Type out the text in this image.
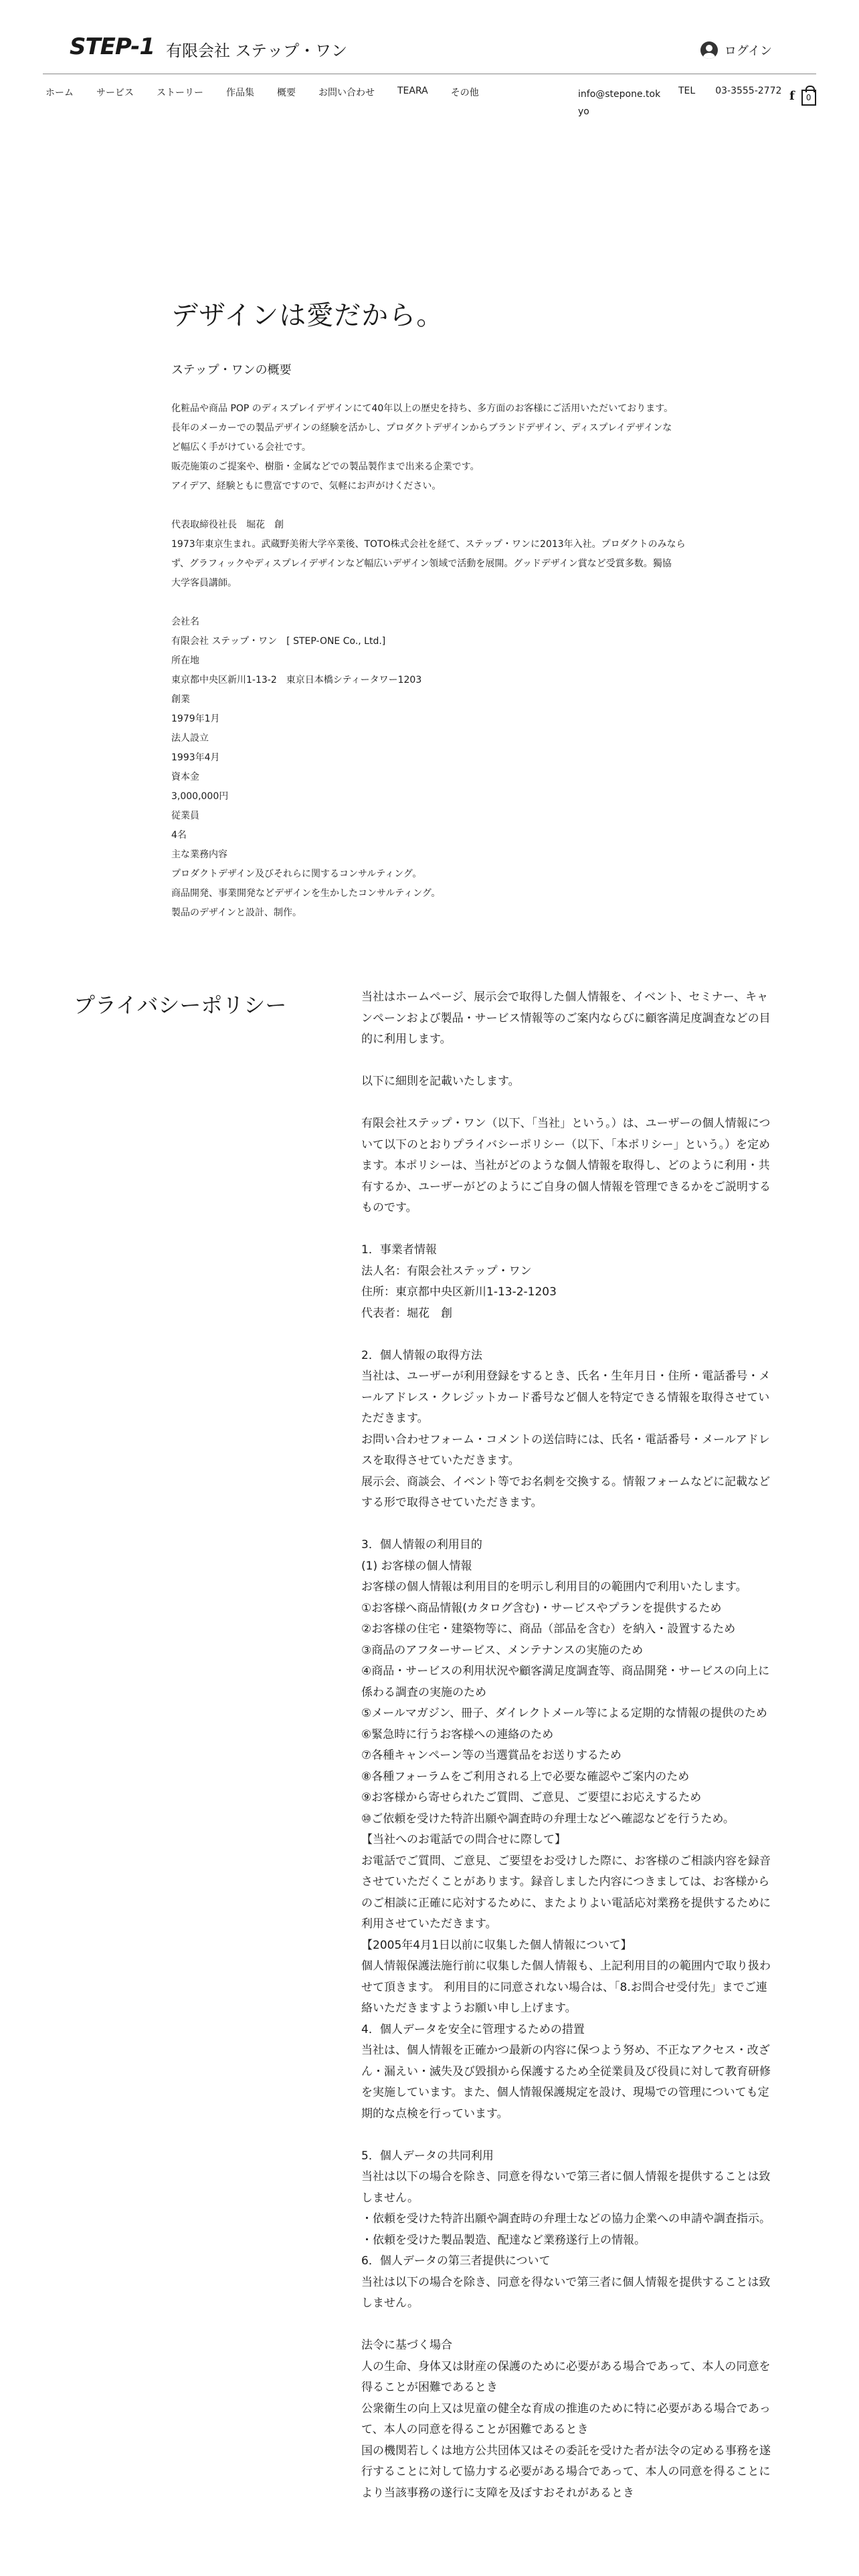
STEP-1 有限会社 ステップ・ワン	ログイン
ホーム サービス ストーリー 作品集 概要 お問い合わせ TEARA その他	info@stepone.tokyo
TEL 03-3555-2772 f 0
デザインは愛だから。
ステップ・ワンの概要

化粧品や商品 POP のディスプレイデザインにて40年以上の歴史を持ち、多方面のお客様にご活用いただいております。

長年のメーカーでの製品デザインの経験を活かし、プロダクトデザインからブランドデザイン、ディスプレイデザインな

ど幅広く手がけている会社です。

販売施策のご提案や、樹脂・金属などでの製品製作まで出来る企業です。

アイデア、経験ともに豊富ですので、気軽にお声がけください。

代表取締役社長　堀花　創

1973年東京生まれ。武蔵野美術大学卒業後、TOTO株式会社を経て、ステップ・ワンに2013年入社。プロダクトのみなら

ず、グラフィックやディスプレイデザインなど幅広いデザイン領域で活動を展開。グッドデザイン賞など受賞多数。獨協

大学客員講師。

会社名

有限会社 ステップ・ワン　[ STEP-ONE Co., Ltd.]

所在地

東京都中央区新川1-13-2　東京日本橋シティータワー1203

創業

1979年1月

法人設立

1993年4月

資本金

3,000,000円

従業員

4名

主な業務内容

プロダクトデザイン及びそれらに関するコンサルティング。

商品開発、事業開発などデザインを生かしたコンサルティング。

製品のデザインと設計、制作。

プライバシーポリシー	当社はホームページ、展示会で取得した個人情報を、イベント、セミナー、キャンペーンおよび製品・サービス情報等のご案内ならびに顧客満足度調査などの目的に利用します。

以下に細則を記載いたします。

有限会社ステップ・ワン（以下、「当社」という。）は、ユーザーの個人情報について以下のとおりプライバシーポリシー（以下、「本ポリシー」という。）を定めます。本ポリシーは、当社がどのような個人情報を取得し、どのように利用・共有するか、ユーザーがどのようにご自身の個人情報を管理できるかをご説明するものです。

1．事業者情報

法人名：有限会社ステップ・ワン

住所：東京都中央区新川1-13-2-1203

代表者：堀花　創

2．個人情報の取得方法

当社は、ユーザーが利用登録をするとき、氏名・生年月日・住所・電話番号・メールアドレス・クレジットカード番号など個人を特定できる情報を取得させていただきます。

お問い合わせフォーム・コメントの送信時には、氏名・電話番号・メールアドレスを取得させていただきます。

展示会、商談会、イベント等でお名刺を交換する。情報フォームなどに記載などする形で取得させていただきます。

3．個人情報の利用目的

(1) お客様の個人情報

お客様の個人情報は利用目的を明示し利用目的の範囲内で利用いたします。

①お客様へ商品情報(カタログ含む)・サービスやプランを提供するため

②お客様の住宅・建築物等に、商品（部品を含む）を納入・設置するため

③商品のアフターサービス、メンテナンスの実施のため

④商品・サービスの利用状況や顧客満足度調査等、商品開発・サービスの向上に係わる調査の実施のため

⑤メールマガジン、冊子、ダイレクトメール等による定期的な情報の提供のため

⑥緊急時に行うお客様への連絡のため

⑦各種キャンペーン等の当選賞品をお送りするため

⑧各種フォーラムをご利用される上で必要な確認やご案内のため

⑨お客様から寄せられたご質問、ご意見、ご要望にお応えするため

⑩ご依頼を受けた特許出願や調査時の弁理士などへ確認などを行うため。

【当社へのお電話での問合せに際して】

お電話でご質問、ご意見、ご要望をお受けした際に、お客様のご相談内容を録音させていただくことがあります。録音しました内容につきましては、お客様からのご相談に正確に応対するために、またよりよい電話応対業務を提供するために利用させていただきます。

【2005年4月1日以前に収集した個人情報について】

個人情報保護法施行前に収集した個人情報も、上記利用目的の範囲内で取り扱わせて頂きます。 利用目的に同意されない場合は、「8.お問合せ受付先」までご連絡いただきますようお願い申し上げます。

4．個人データを安全に管理するための措置

当社は、個人情報を正確かつ最新の内容に保つよう努め、不正なアクセス・改ざん・漏えい・滅失及び毀損から保護するため全従業員及び役員に対して教育研修を実施しています。また、個人情報保護規定を設け、現場での管理についても定期的な点検を行っています。

5．個人データの共同利用

当社は以下の場合を除き、同意を得ないで第三者に個人情報を提供することは致しません。

・依頼を受けた特許出願や調査時の弁理士などの協力企業への申請や調査指示。

・依頼を受けた製品製造、配達など業務遂行上の情報。

6．個人データの第三者提供について

当社は以下の場合を除き、同意を得ないで第三者に個人情報を提供することは致しません。

法令に基づく場合

人の生命、身体又は財産の保護のために必要がある場合であって、本人の同意を得ることが困難であるとき

公衆衛生の向上又は児童の健全な育成の推進のために特に必要がある場合であって、本人の同意を得ることが困難であるとき

国の機関若しくは地方公共団体又はその委託を受けた者が法令の定める事務を遂行することに対して協力する必要がある場合であって、本人の同意を得ることにより当該事務の遂行に支障を及ぼすおそれがあるとき
